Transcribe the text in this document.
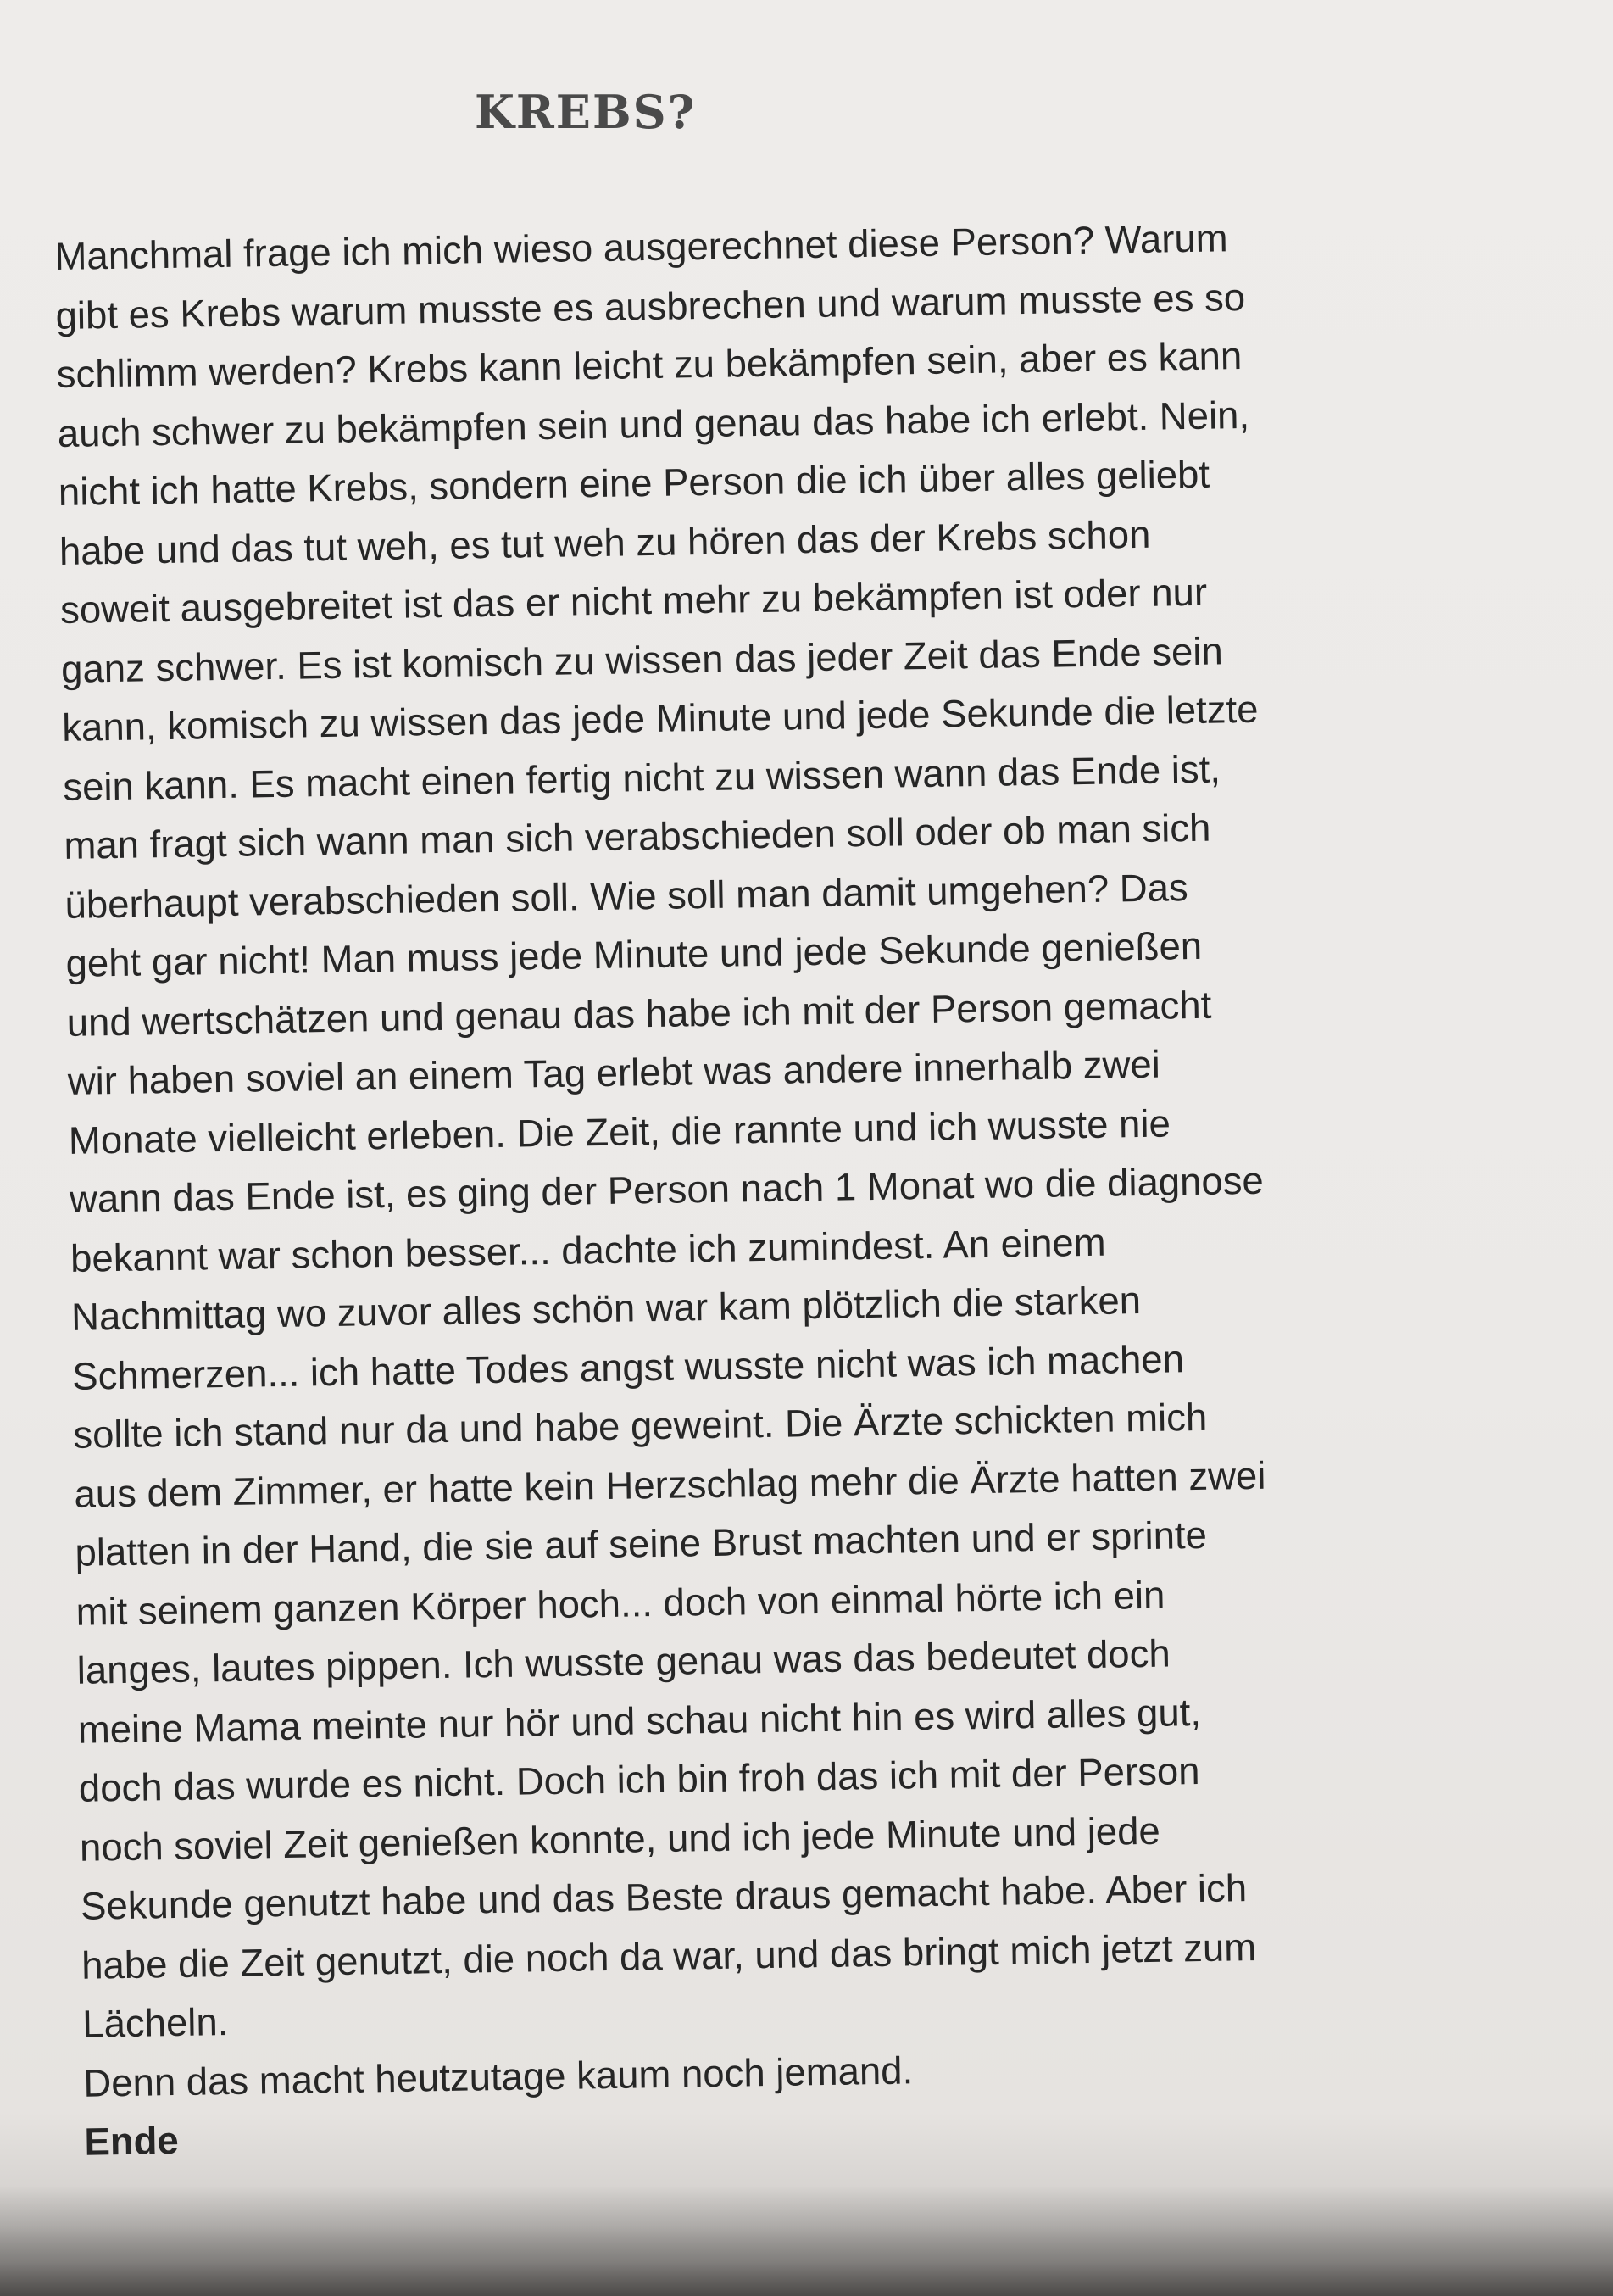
KREBS?
Manchmal frage ich mich wieso ausgerechnet diese Person? Warum
gibt es Krebs warum musste es ausbrechen und warum musste es so
schlimm werden? Krebs kann leicht zu bekämpfen sein, aber es kann
auch schwer zu bekämpfen sein und genau das habe ich erlebt. Nein,
nicht ich hatte Krebs, sondern eine Person die ich über alles geliebt
habe und das tut weh, es tut weh zu hören das der Krebs schon
soweit ausgebreitet ist das er nicht mehr zu bekämpfen ist oder nur
ganz schwer. Es ist komisch zu wissen das jeder Zeit das Ende sein
kann, komisch zu wissen das jede Minute und jede Sekunde die letzte
sein kann. Es macht einen fertig nicht zu wissen wann das Ende ist,
man fragt sich wann man sich verabschieden soll oder ob man sich
überhaupt verabschieden soll. Wie soll man damit umgehen? Das
geht gar nicht! Man muss jede Minute und jede Sekunde genießen
und wertschätzen und genau das habe ich mit der Person gemacht
wir haben soviel an einem Tag erlebt was andere innerhalb zwei
Monate vielleicht erleben. Die Zeit, die rannte und ich wusste nie
wann das Ende ist, es ging der Person nach 1 Monat wo die diagnose
bekannt war schon besser... dachte ich zumindest. An einem
Nachmittag wo zuvor alles schön war kam plötzlich die starken
Schmerzen... ich hatte Todes angst wusste nicht was ich machen
sollte ich stand nur da und habe geweint. Die Ärzte schickten mich
aus dem Zimmer, er hatte kein Herzschlag mehr die Ärzte hatten zwei
platten in der Hand, die sie auf seine Brust machten und er sprinte
mit seinem ganzen Körper hoch... doch von einmal hörte ich ein
langes, lautes pippen. Ich wusste genau was das bedeutet doch
meine Mama meinte nur hör und schau nicht hin es wird alles gut,
doch das wurde es nicht. Doch ich bin froh das ich mit der Person
noch soviel Zeit genießen konnte, und ich jede Minute und jede
Sekunde genutzt habe und das Beste draus gemacht habe. Aber ich
habe die Zeit genutzt, die noch da war, und das bringt mich jetzt zum
Lächeln.
Denn das macht heutzutage kaum noch jemand.
Ende
